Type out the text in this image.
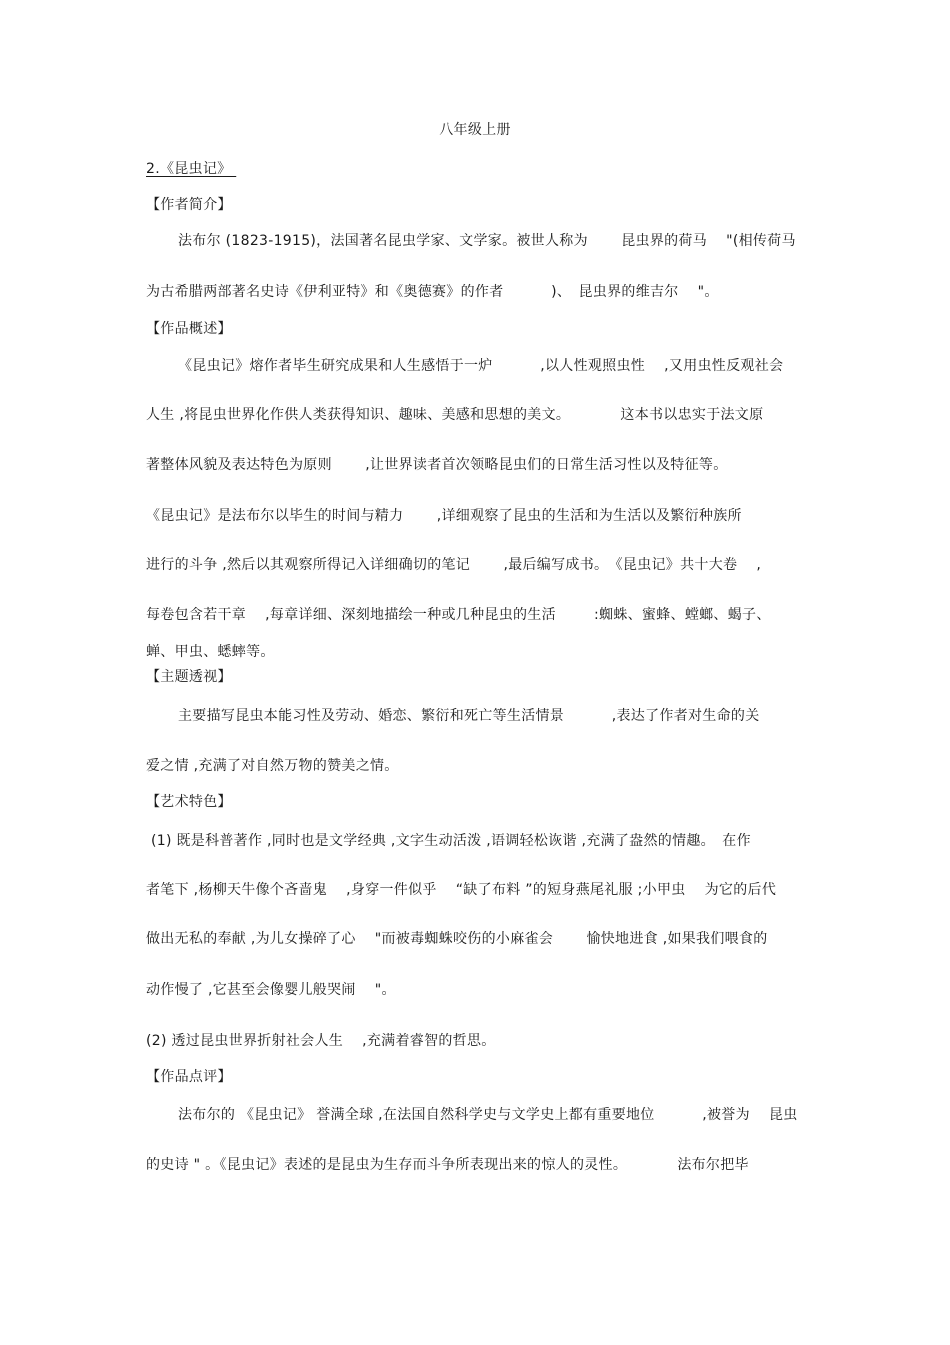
八年级上册
2.《昆虫记》
【作者简介】
法布尔 (1823-1915)，法国著名昆虫学家、文学家。被世人称为 　　昆虫界的荷马 　"(相传荷马
为古希腊两部著名史诗《伊利亚特》和《奥德赛》的作者 　　　)、　昆虫界的维吉尔 　"。
【作品概述】
《昆虫记》熔作者毕生研究成果和人生感悟于一炉 　　　,以人性观照虫性 　,又用虫性反观社会
人生 ,将昆虫世界化作供人类获得知识、趣味、美感和思想的美文。　　　　这本书以忠实于法文原
著整体风貌及表达特色为原则 　　,让世界读者首次领略昆虫们的日常生活习性以及特征等。
《昆虫记》是法布尔以毕生的时间与精力 　　,详细观察了昆虫的生活和为生活以及繁衍种族所
进行的斗争 ,然后以其观察所得记入详细确切的笔记 　　,最后编写成书。　《昆虫记》共十大卷 　,
每卷包含若干章 　,每章详细、深刻地描绘一种或几种昆虫的生活 　　 :蜘蛛、蜜蜂、螳螂、蝎子、
蝉、甲虫、蟋蟀等。
【主题透视】
主要描写昆虫本能习性及劳动、婚恋、繁衍和死亡等生活情景 　　　,表达了作者对生命的关
爱之情 ,充满了对自然万物的赞美之情。
【艺术特色】
(1) 既是科普著作 ,同时也是文学经典 ,文字生动活泼 ,语调轻松诙谐 ,充满了盎然的情趣。　在作
者笔下 ,杨柳天牛像个吝啬鬼 　,身穿一件似乎 　“缺了布料 ”的短身燕尾礼服 ;小甲虫 　为它的后代
做出无私的奉献 ,为儿女操碎了心 　"而被毒蜘蛛咬伤的小麻雀会 　　愉快地进食 ,如果我们喂食的
动作慢了 ,它甚至会像婴儿般哭闹 　"。
(2) 透过昆虫世界折射社会人生 　,充满着睿智的哲思。
【作品点评】
法布尔的 《昆虫记》 誉满全球 ,在法国自然科学史与文学史上都有重要地位 　　　,被誉为 　昆虫
的史诗 " 。《昆虫记》表述的是昆虫为生存而斗争所表现出来的惊人的灵性。　　　　法布尔把毕
